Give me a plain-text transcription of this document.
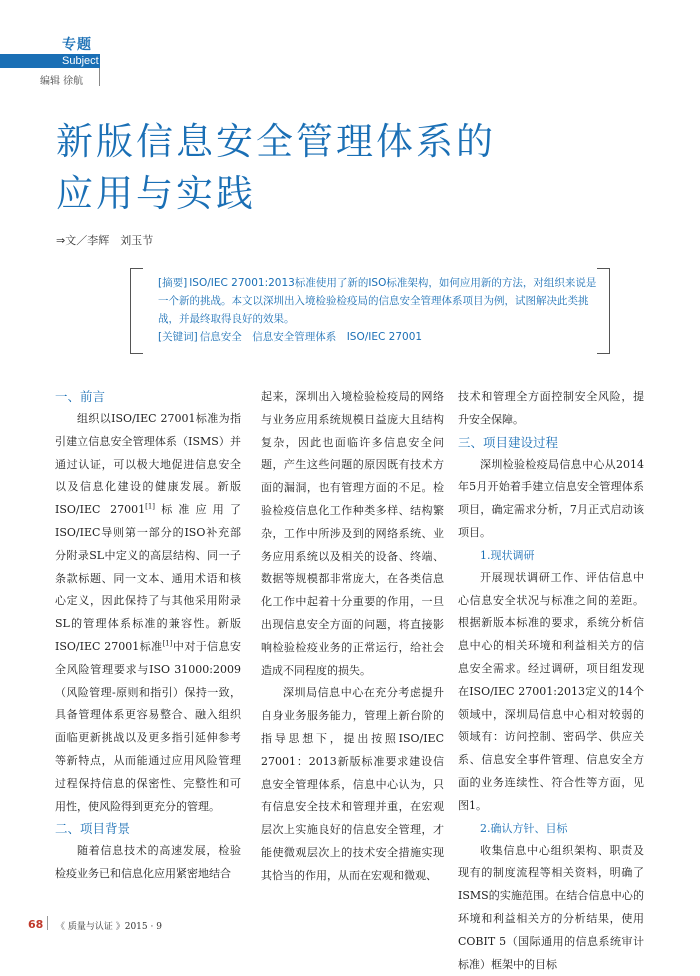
专题
Subject
编辑 徐航
新版信息安全管理体系的
应用与实践
⇒文／李辉　刘玉节

[摘要] ISO/IEC 27001:2013标准使用了新的ISO标准架构，如何应用新的方法，对组织来说是一个新的挑战。本文以深圳出入境检验检疫局的信息安全管理体系项目为例，试图解决此类挑战，并最终取得良好的效果。

[关键词] 信息安全　信息安全管理体系　ISO/IEC 27001

一、前言

组织以ISO/IEC 27001标准为指引建立信息安全管理体系（ISMS）并通过认证，可以极大地促进信息安全以及信息化建设的健康发展。新版ISO/IEC 27001[1]标准应用了ISO/IEC导则第一部分的ISO补充部分附录SL中定义的高层结构、同一子条款标题、同一文本、通用术语和核心定义，因此保持了与其他采用附录SL的管理体系标准的兼容性。新版ISO/IEC 27001标准[1]中对于信息安全风险管理要求与ISO 31000:2009（风险管理-原则和指引）保持一致，具备管理体系更容易整合、融入组织面临更新挑战以及更多指引延伸参考等新特点，从而能通过应用风险管理过程保持信息的保密性、完整性和可用性，使风险得到更充分的管理。

二、项目背景

随着信息技术的高速发展，检验检疫业务已和信息化应用紧密地结合

起来，深圳出入境检验检疫局的网络与业务应用系统规模日益庞大且结构复杂，因此也面临许多信息安全问题，产生这些问题的原因既有技术方面的漏洞，也有管理方面的不足。检验检疫信息化工作种类多样、结构繁杂，工作中所涉及到的网络系统、业务应用系统以及相关的设备、终端、数据等规模都非常庞大，在各类信息化工作中起着十分重要的作用，一旦出现信息安全方面的问题，将直接影响检验检疫业务的正常运行，给社会造成不同程度的损失。

深圳局信息中心在充分考虑提升自身业务服务能力，管理上新台阶的指导思想下，提出按照ISO/IEC 27001：2013新版标准要求建设信息安全管理体系，信息中心认为，只有信息安全技术和管理并重，在宏观层次上实施良好的信息安全管理，才能使微观层次上的技术安全措施实现其恰当的作用，从而在宏观和微观、

技术和管理全方面控制安全风险，提升安全保障。

三、项目建设过程

深圳检验检疫局信息中心从2014年5月开始着手建立信息安全管理体系项目，确定需求分析，7月正式启动该项目。

1.现状调研

开展现状调研工作、评估信息中心信息安全状况与标准之间的差距。根据新版本标准的要求，系统分析信息中心的相关环境和利益相关方的信息安全需求。经过调研，项目组发现在ISO/IEC 27001:2013定义的14个领域中，深圳局信息中心相对较弱的领域有：访问控制、密码学、供应关系、信息安全事件管理、信息安全方面的业务连续性、符合性等方面，见图1。

2.确认方针、目标

收集信息中心组织架构、职责及现有的制度流程等相关资料，明确了ISMS的实施范围。在结合信息中心的环境和利益相关方的分析结果，使用COBIT 5（国际通用的信息系统审计标准）框架中的目标

68 《 质量与认证 》2015 · 9
